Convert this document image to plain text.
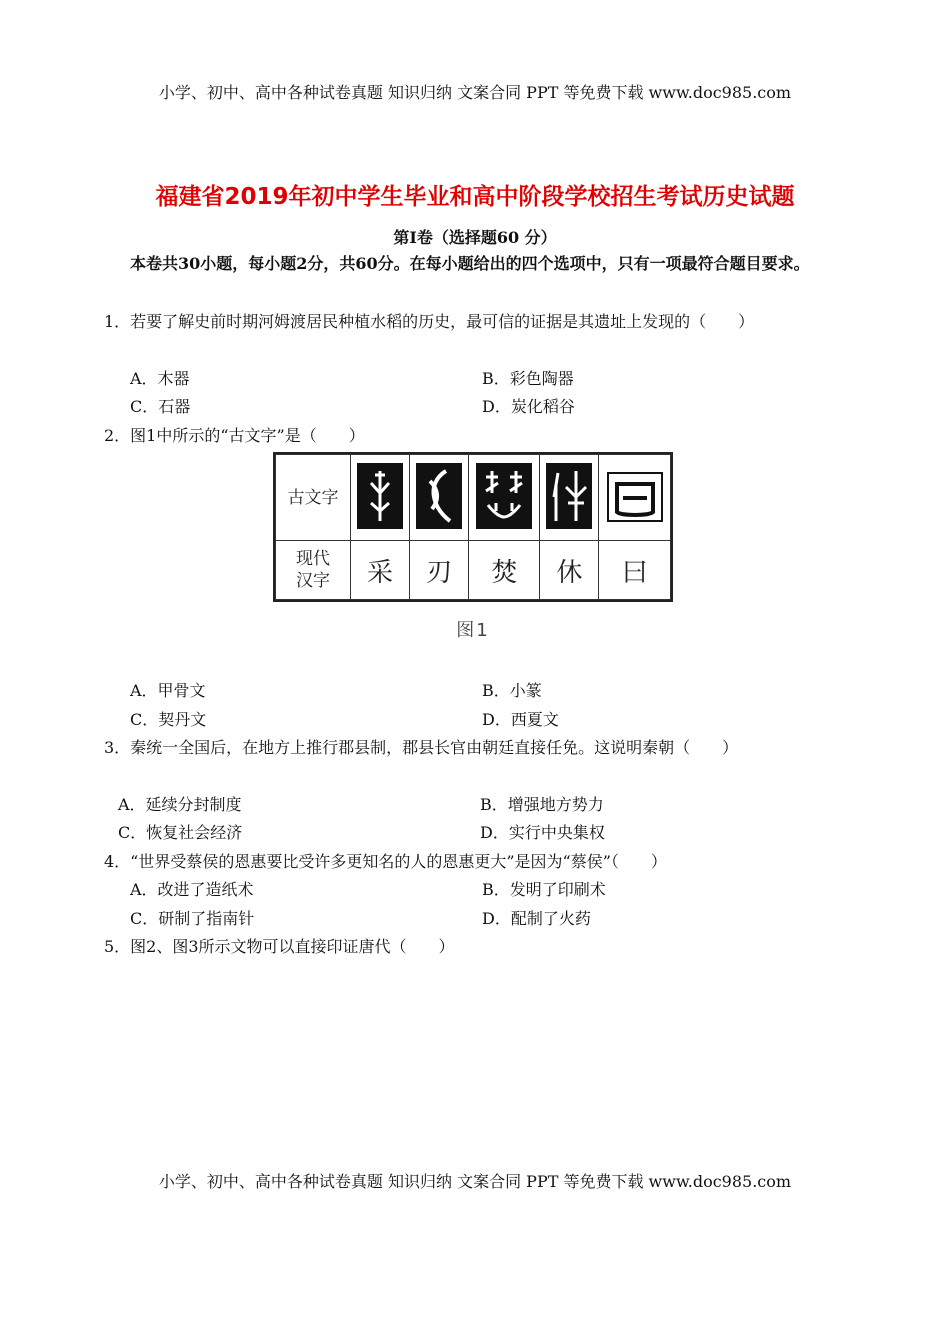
小学、初中、高中各种试卷真题 知识归纳 文案合同 PPT 等免费下载 www.doc985.com
福建省2019年初中学生毕业和高中阶段学校招生考试历史试题
第Ⅰ卷（选择题60 分）
本卷共30小题，每小题2分，共60分。在每小题给出的四个选项中，只有一项最符合题目要求。
1．若要了解史前时期河姆渡居民种植水稻的历史，最可信的证据是其遗址上发现的（　　）
A．木器	B．彩色陶器
C．石器	D．炭化稻谷
2．图1中所示的“古文字”是（　　）
古文字					

现代
汉字	采	刃	焚	休	曰
图1
A．甲骨文	B．小篆
C．契丹文	D．西夏文
3．秦统一全国后，在地方上推行郡县制，郡县长官由朝廷直接任免。这说明秦朝（　　）
A．延续分封制度	B．增强地方势力
C．恢复社会经济	D．实行中央集权
4．“世界受蔡侯的恩惠要比受许多更知名的人的恩惠更大”是因为“蔡侯”（　　）
A．改进了造纸术	B．发明了印刷术
C．研制了指南针	D．配制了火药
5．图2、图3所示文物可以直接印证唐代（　　）
小学、初中、高中各种试卷真题 知识归纳 文案合同 PPT 等免费下载 www.doc985.com
